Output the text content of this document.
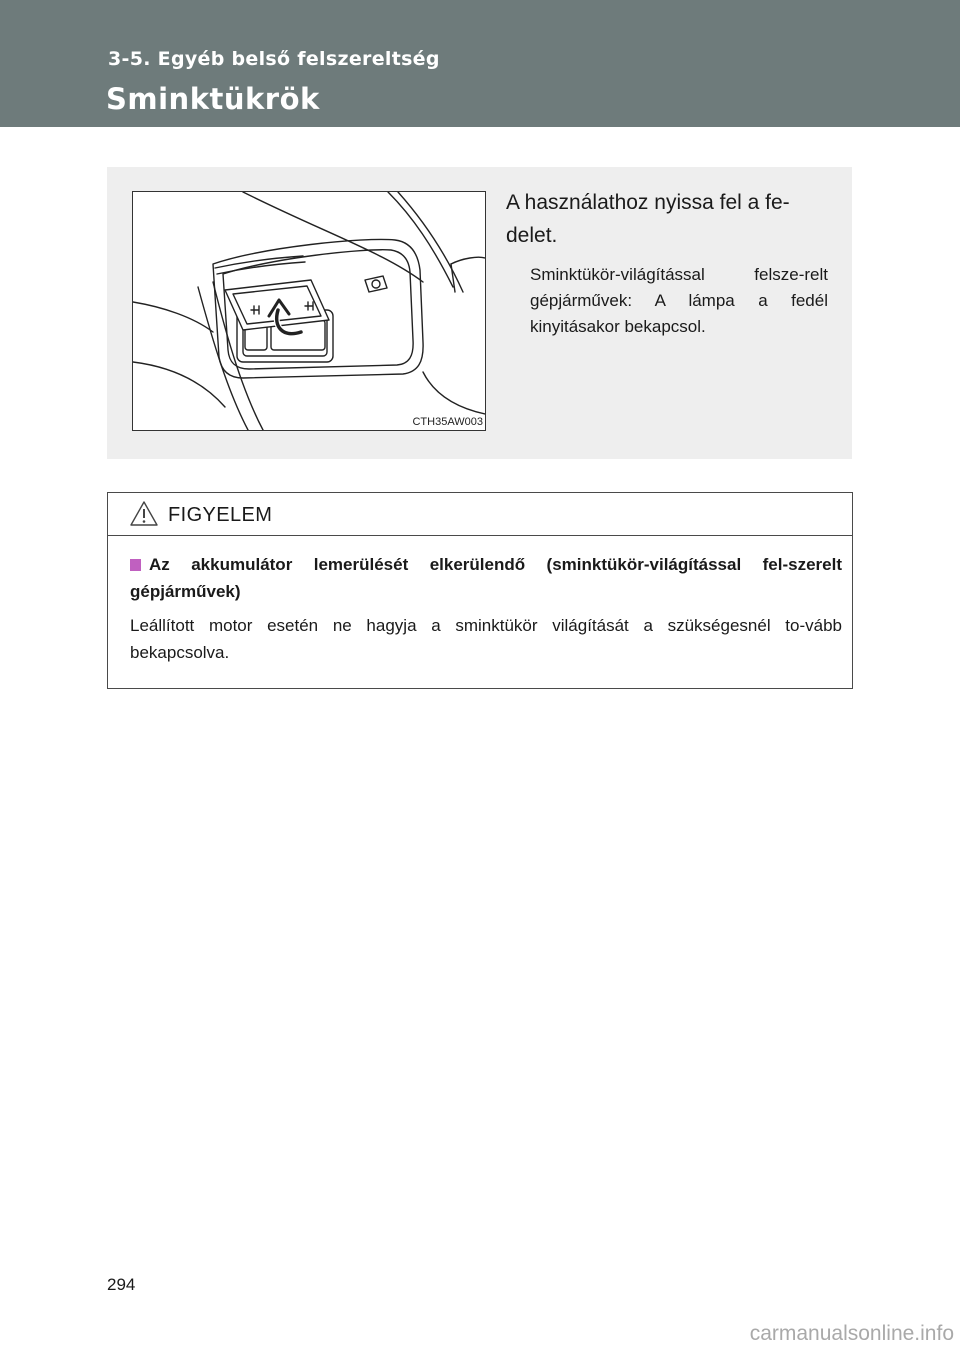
3-5. Egyéb belső felszereltség
Sminktükrök
CTH35AW003
A használathoz nyissa fel a fe-delet.
Sminktükör-világítással felsze-relt gépjárművek: A lámpa a fedél kinyitásakor bekapcsol.
FIGYELEM
Az akkumulátor lemerülését elkerülendő (sminktükör-világítással fel-szerelt gépjárművek)
Leállított motor esetén ne hagyja a sminktükör világítását a szükségesnél to-vább bekapcsolva.
294
carmanualsonline.info
